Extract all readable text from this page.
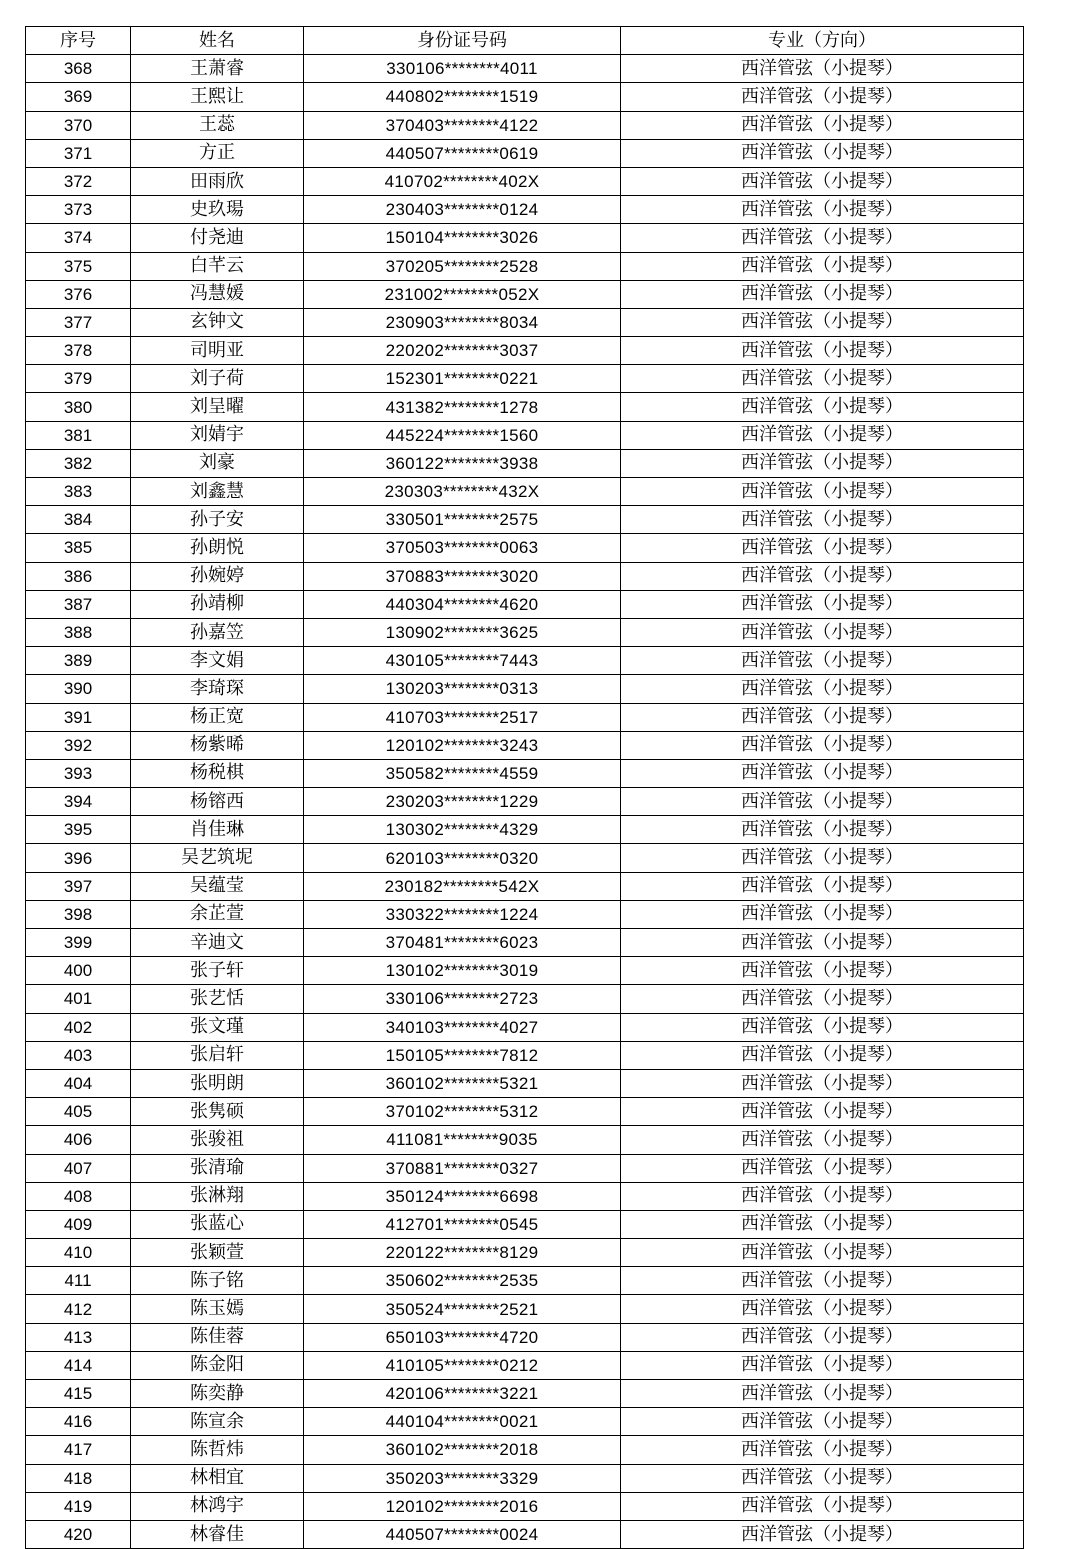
序号	姓名	身份证号码	专业（方向）
368	王萧睿	330106********4011	西洋管弦（小提琴）
369	王熙让	440802********1519	西洋管弦（小提琴）
370	王蕊	370403********4122	西洋管弦（小提琴）
371	方正	440507********0619	西洋管弦（小提琴）
372	田雨欣	410702********402X	西洋管弦（小提琴）
373	史玖瑒	230403********0124	西洋管弦（小提琴）
374	付尧迪	150104********3026	西洋管弦（小提琴）
375	白芊云	370205********2528	西洋管弦（小提琴）
376	冯慧媛	231002********052X	西洋管弦（小提琴）
377	玄钟文	230903********8034	西洋管弦（小提琴）
378	司明亚	220202********3037	西洋管弦（小提琴）
379	刘子荷	152301********0221	西洋管弦（小提琴）
380	刘呈曜	431382********1278	西洋管弦（小提琴）
381	刘婧宇	445224********1560	西洋管弦（小提琴）
382	刘豪	360122********3938	西洋管弦（小提琴）
383	刘鑫慧	230303********432X	西洋管弦（小提琴）
384	孙子安	330501********2575	西洋管弦（小提琴）
385	孙朗悦	370503********0063	西洋管弦（小提琴）
386	孙婉婷	370883********3020	西洋管弦（小提琴）
387	孙靖柳	440304********4620	西洋管弦（小提琴）
388	孙嘉笠	130902********3625	西洋管弦（小提琴）
389	李文娟	430105********7443	西洋管弦（小提琴）
390	李琦琛	130203********0313	西洋管弦（小提琴）
391	杨正宽	410703********2517	西洋管弦（小提琴）
392	杨紫晞	120102********3243	西洋管弦（小提琴）
393	杨税棋	350582********4559	西洋管弦（小提琴）
394	杨镕西	230203********1229	西洋管弦（小提琴）
395	肖佳琳	130302********4329	西洋管弦（小提琴）
396	吴艺筑坭	620103********0320	西洋管弦（小提琴）
397	吴蕴莹	230182********542X	西洋管弦（小提琴）
398	余芷萱	330322********1224	西洋管弦（小提琴）
399	辛迪文	370481********6023	西洋管弦（小提琴）
400	张子轩	130102********3019	西洋管弦（小提琴）
401	张艺恬	330106********2723	西洋管弦（小提琴）
402	张文瑾	340103********4027	西洋管弦（小提琴）
403	张启轩	150105********7812	西洋管弦（小提琴）
404	张明朗	360102********5321	西洋管弦（小提琴）
405	张隽硕	370102********5312	西洋管弦（小提琴）
406	张骏祖	411081********9035	西洋管弦（小提琴）
407	张清瑜	370881********0327	西洋管弦（小提琴）
408	张淋翔	350124********6698	西洋管弦（小提琴）
409	张蓝心	412701********0545	西洋管弦（小提琴）
410	张颖萱	220122********8129	西洋管弦（小提琴）
411	陈子铭	350602********2535	西洋管弦（小提琴）
412	陈玉嫣	350524********2521	西洋管弦（小提琴）
413	陈佳蓉	650103********4720	西洋管弦（小提琴）
414	陈金阳	410105********0212	西洋管弦（小提琴）
415	陈奕静	420106********3221	西洋管弦（小提琴）
416	陈宣余	440104********0021	西洋管弦（小提琴）
417	陈哲炜	360102********2018	西洋管弦（小提琴）
418	林相宜	350203********3329	西洋管弦（小提琴）
419	林鸿宇	120102********2016	西洋管弦（小提琴）
420	林睿佳	440507********0024	西洋管弦（小提琴）
